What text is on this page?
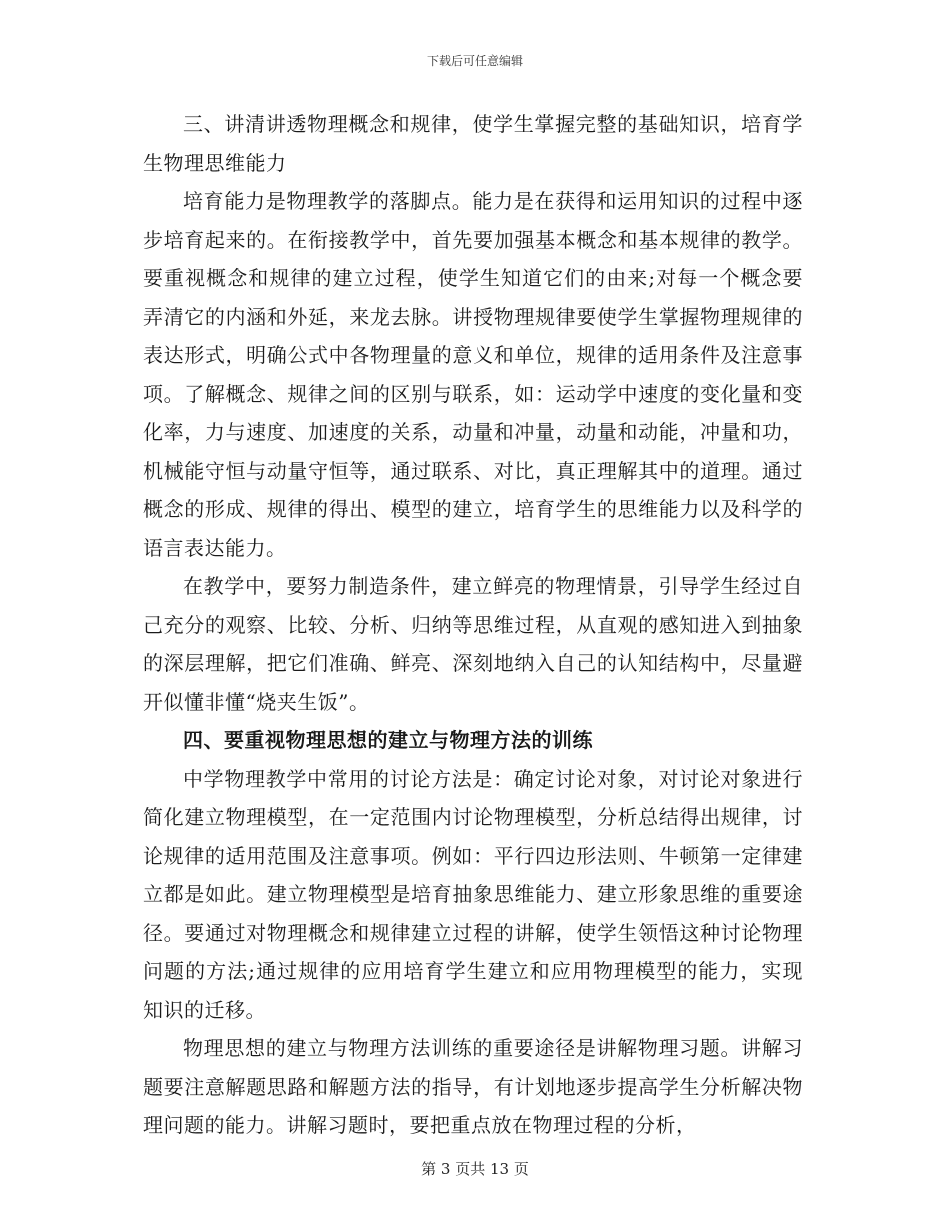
下载后可任意编辑

三、讲清讲透物理概念和规律，使学生掌握完整的基础知识，培育学生物理思维能力

培育能力是物理教学的落脚点。能力是在获得和运用知识的过程中逐步培育起来的。在衔接教学中，首先要加强基本概念和基本规律的教学。要重视概念和规律的建立过程，使学生知道它们的由来;对每一个概念要弄清它的内涵和外延，来龙去脉。讲授物理规律要使学生掌握物理规律的表达形式，明确公式中各物理量的意义和单位，规律的适用条件及注意事项。了解概念、规律之间的区别与联系，如：运动学中速度的变化量和变化率，力与速度、加速度的关系，动量和冲量，动量和动能，冲量和功，机械能守恒与动量守恒等，通过联系、对比，真正理解其中的道理。通过概念的形成、规律的得出、模型的建立，培育学生的思维能力以及科学的语言表达能力。

在教学中，要努力制造条件，建立鲜亮的物理情景，引导学生经过自己充分的观察、比较、分析、归纳等思维过程，从直观的感知进入到抽象的深层理解，把它们准确、鲜亮、深刻地纳入自己的认知结构中，尽量避开似懂非懂“烧夹生饭”。

四、要重视物理思想的建立与物理方法的训练

中学物理教学中常用的讨论方法是：确定讨论对象，对讨论对象进行简化建立物理模型，在一定范围内讨论物理模型，分析总结得出规律，讨论规律的适用范围及注意事项。例如：平行四边形法则、牛顿第一定律建立都是如此。建立物理模型是培育抽象思维能力、建立形象思维的重要途径。要通过对物理概念和规律建立过程的讲解，使学生领悟这种讨论物理问题的方法;通过规律的应用培育学生建立和应用物理模型的能力，实现知识的迁移。

物理思想的建立与物理方法训练的重要途径是讲解物理习题。讲解习题要注意解题思路和解题方法的指导，有计划地逐步提高学生分析解决物理问题的能力。讲解习题时，要把重点放在物理过程的分析，

第 3 页共 13 页
